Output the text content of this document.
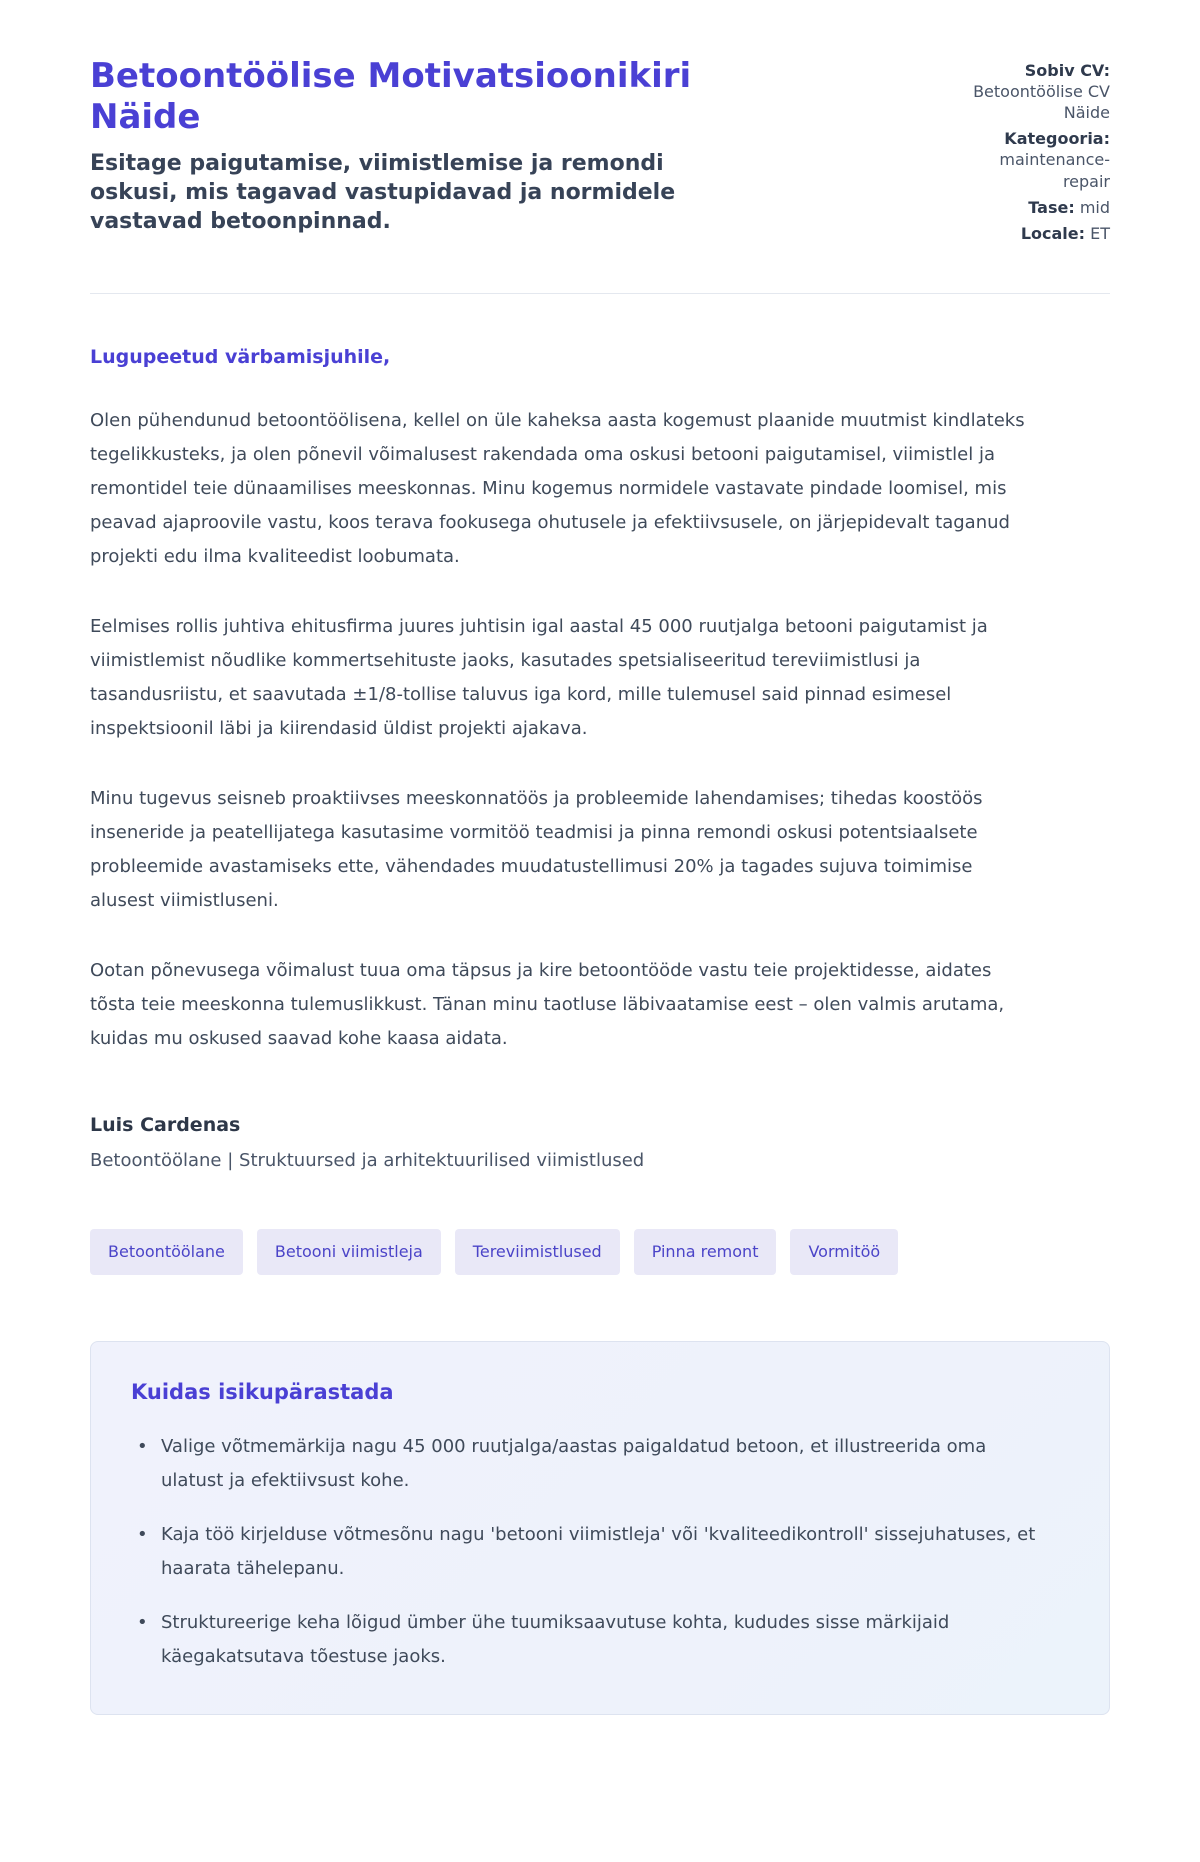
Betoontöölise Motivatsioonikiri Näide

Esitage paigutamise, viimistlemise ja remondi oskusi, mis tagavad vastupidavad ja normidele vastavad betoonpinnad.

Sobiv CV: Betoontöölise CV Näide
Kategooria: maintenance-repair
Tase: mid
Locale: ET

Lugupeetud värbamisjuhile,

Olen pühendunud betoontöölisena, kellel on üle kaheksa aasta kogemust plaanide muutmist kindlateks tegelikkusteks, ja olen põnevil võimalusest rakendada oma oskusi betooni paigutamisel, viimistlel ja remontidel teie dünaamilises meeskonnas. Minu kogemus normidele vastavate pindade loomisel, mis peavad ajaproovile vastu, koos terava fookusega ohutusele ja efektiivsusele, on järjepidevalt taganud projekti edu ilma kvaliteedist loobumata.

Eelmises rollis juhtiva ehitusfirma juures juhtisin igal aastal 45 000 ruutjalga betooni paigutamist ja viimistlemist nõudlike kommertsehituste jaoks, kasutades spetsialiseeritud tereviimistlusi ja tasandusriistu, et saavutada ±1/8-tollise taluvus iga kord, mille tulemusel said pinnad esimesel inspektsioonil läbi ja kiirendasid üldist projekti ajakava.

Minu tugevus seisneb proaktiivses meeskonnatöös ja probleemide lahendamises; tihedas koostöös inseneride ja peatellijatega kasutasime vormitöö teadmisi ja pinna remondi oskusi potentsiaalsete probleemide avastamiseks ette, vähendades muudatustellimusi 20% ja tagades sujuva toimimise alusest viimistluseni.

Ootan põnevusega võimalust tuua oma täpsus ja kire betoontööde vastu teie projektidesse, aidates tõsta teie meeskonna tulemuslikkust. Tänan minu taotluse läbivaatamise eest – olen valmis arutama, kuidas mu oskused saavad kohe kaasa aidata.

Luis Cardenas

Betoontöölane | Struktuursed ja arhitektuurilised viimistlused

Betoontöölane	Betooni viimistleja	Tereviimistlused	Pinna remont	Vormitöö
Kuidas isikupärastada
• Valige võtmemärkija nagu 45 000 ruutjalga/aastas paigaldatud betoon, et illustreerida oma ulatust ja efektiivsust kohe.
• Kaja töö kirjelduse võtmesõnu nagu 'betooni viimistleja' või 'kvaliteedikontroll' sissejuhatuses, et haarata tähelepanu.
• Struktureerige keha lõigud ümber ühe tuumiksaavutuse kohta, kududes sisse märkijaid käegakatsutava tõestuse jaoks.
